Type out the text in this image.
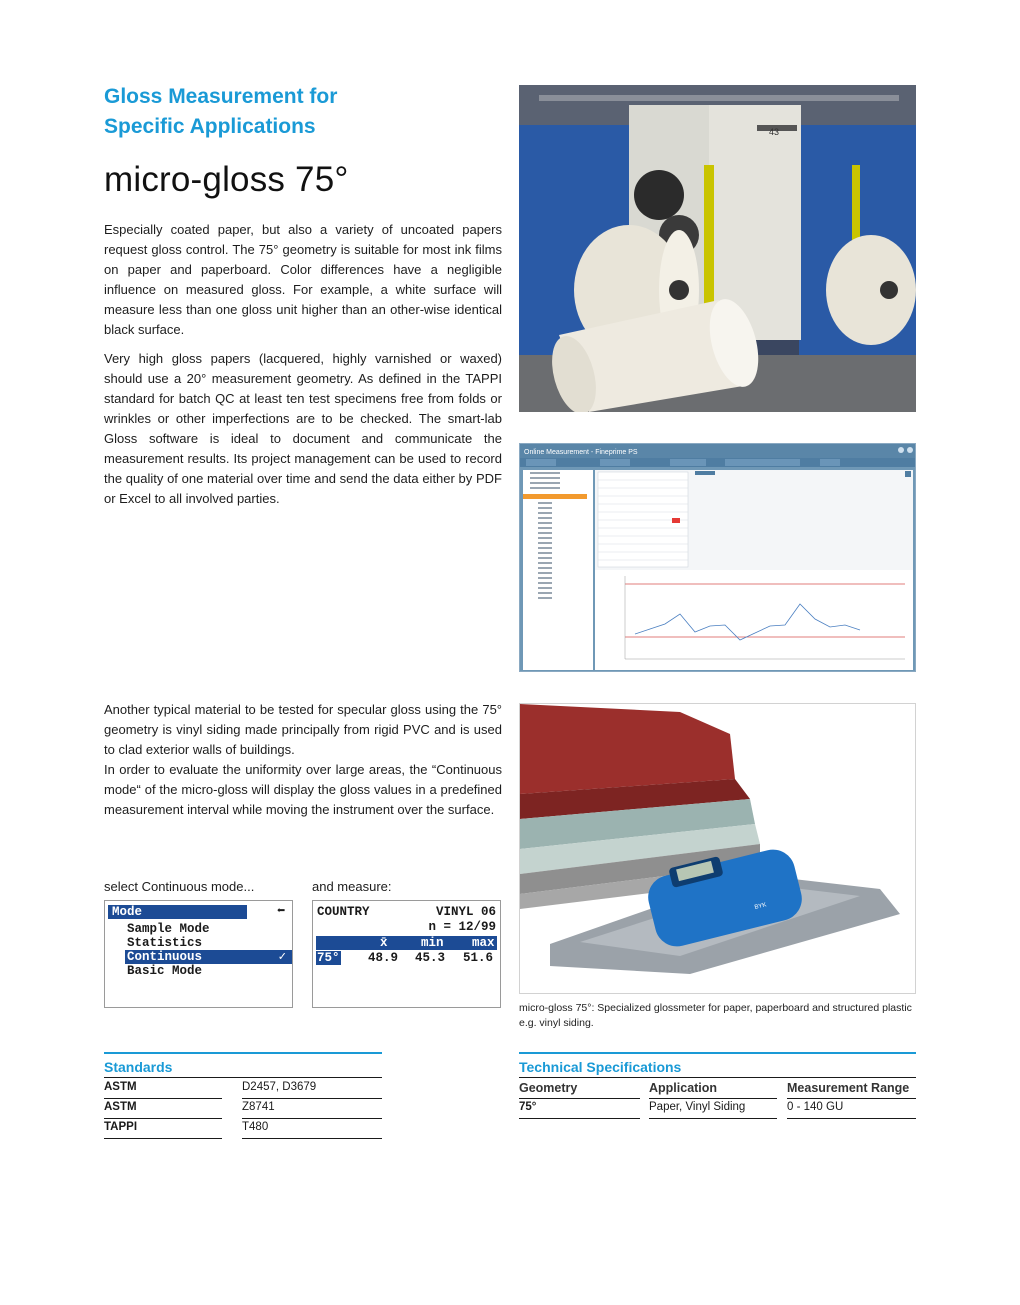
Gloss Measurement for
Specific Applications
micro-gloss 75°
Especially coated paper, but also a variety of uncoated papers request gloss control. The 75° geometry is suitable for most ink films on paper and paperboard. Color differences have a negligible influence on measured gloss. For example, a white surface will measure less than one gloss unit higher than an other-wise identical black surface.
Very high gloss papers (lacquered, highly varnished or waxed) should use a 20° measurement geometry. As defined in the TAPPI standard for batch QC at least ten test specimens free from folds or wrinkles or other imperfections are to be checked. The smart-lab Gloss software is ideal to document and communicate the measurement results. Its project management can be used to record the quality of one material over time and send the data either by PDF or Excel to all involved parties.
Another typical material to be tested for specular gloss using the 75° geometry is vinyl siding made principally from rigid PVC and is used to clad exterior walls of buildings.
In order to evaluate the uniformity over large areas, the “Continuous mode“ of the micro-gloss will display the gloss values in a predefined measurement interval while moving the instrument over the surface.
43
Online Measurement - Fineprime PS
BYK
select Continuous mode...	and measure:
Mode	⬅
Sample Mode
Statistics
Continuous	✓
Basic Mode
COUNTRY	VINYL 06
n = 12/99
x̄	min max
75° 48.9 45.3 51.6
micro-gloss 75°: Specialized glossmeter for paper, paperboard and structured plastic e.g. vinyl siding.
Standards
ASTM	D2457, D3679
ASTM	Z8741
TAPPI	T480
Technical Specifications
Geometry	Application	Measurement Range
75°	Paper, Vinyl Siding	0 - 140 GU
